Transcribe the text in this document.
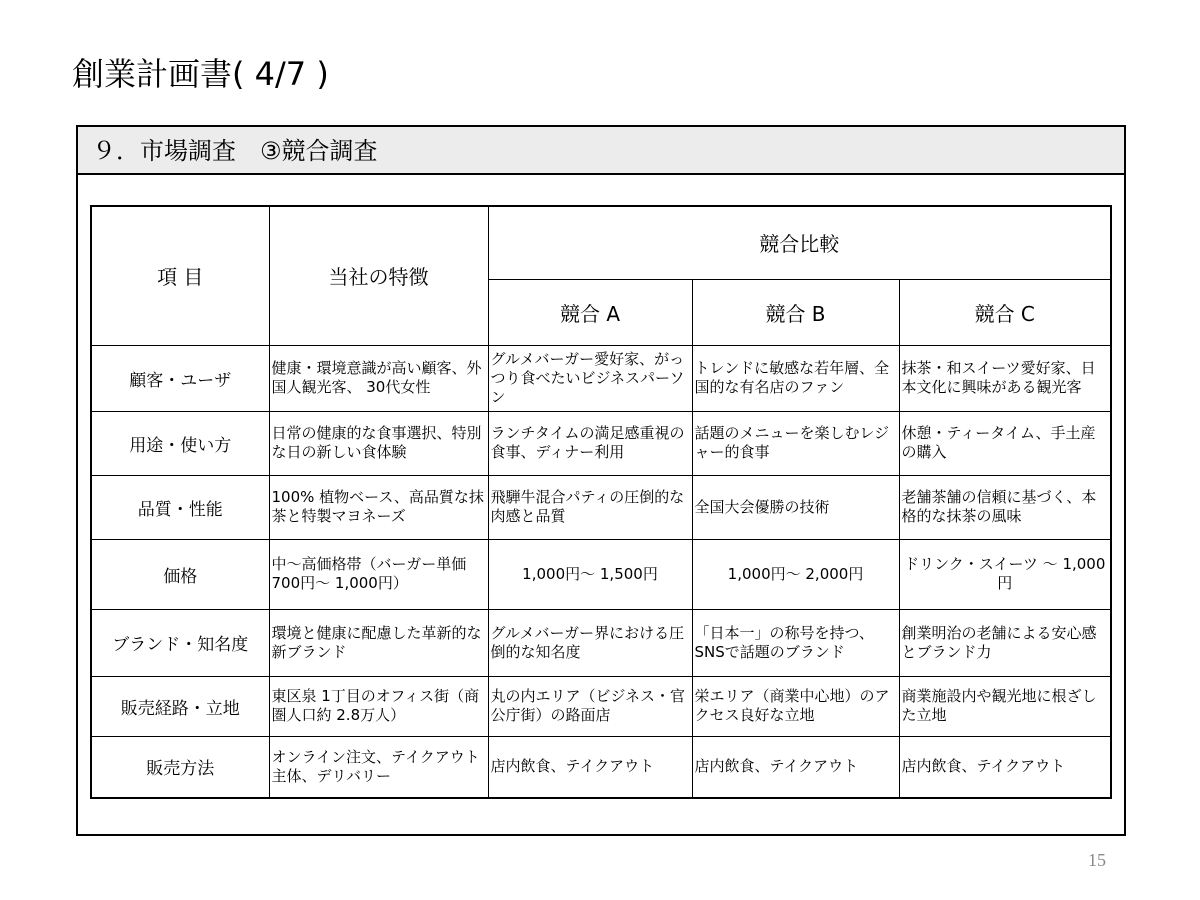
創業計画書( 4/7 )
９．市場調査　③競合調査
項 目	当社の特徴	競合比較		
		競合 A	競合 B	競合 C
顧客・ユーザ	健康・環境意識が高い顧客、外国人観光客、 30代女性	グルメバーガー愛好家、がっつり食べたいビジネスパーソン	トレンドに敏感な若年層、全国的な有名店のファン	抹茶・和スイーツ愛好家、日本文化に興味がある観光客
用途・使い方	日常の健康的な食事選択、特別な日の新しい食体験	ランチタイムの満足感重視の食事、ディナー利用	話題のメニューを楽しむレジャー的食事	休憩・ティータイム、手土産の購入
品質・性能	100% 植物ベース、高品質な抹茶と特製マヨネーズ	飛騨牛混合パティの圧倒的な肉感と品質	全国大会優勝の技術	老舗茶舗の信頼に基づく、本格的な抹茶の風味
価格	中〜高価格帯（バーガー単価 700円〜 1,000円）	1,000円〜 1,500円	1,000円〜 2,000円	ドリンク・スイーツ 〜 1,000円
ブランド・知名度	環境と健康に配慮した革新的な新ブランド	グルメバーガー界における圧倒的な知名度	「日本一」の称号を持つ、 SNSで話題のブランド	創業明治の老舗による安心感とブランド力
販売経路・立地	東区泉 1丁目のオフィス街（商圏人口約 2.8万人）	丸の内エリア（ビジネス・官公庁街）の路面店	栄エリア（商業中心地）のアクセス良好な立地	商業施設内や観光地に根ざした立地
販売方法	オンライン注文、テイクアウト主体、デリバリー	店内飲食、テイクアウト	店内飲食、テイクアウト	店内飲食、テイクアウト
15
